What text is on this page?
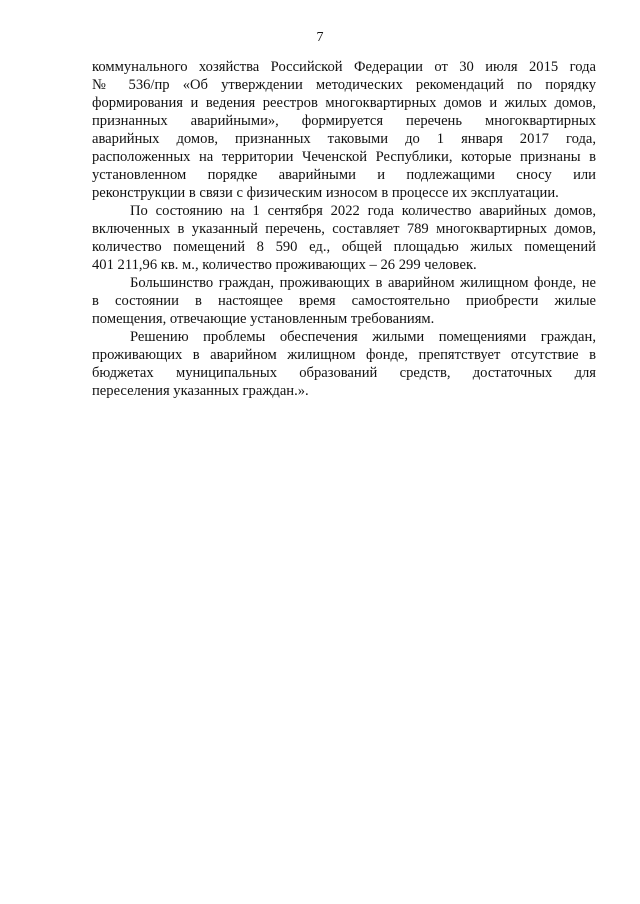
7
коммунального хозяйства Российской Федерации от 30 июля 2015 года
№ 536/пр «Об утверждении методических рекомендаций по порядку
формирования и ведения реестров многоквартирных домов и жилых домов,
признанных аварийными», формируется перечень многоквартирных
аварийных домов, признанных таковыми до 1 января 2017 года,
расположенных на территории Чеченской Республики, которые признаны в
установленном порядке аварийными и подлежащими сносу или
реконструкции в связи с физическим износом в процессе их эксплуатации.
По состоянию на 1 сентября 2022 года количество аварийных домов,
включенных в указанный перечень, составляет 789 многоквартирных домов,
количество помещений 8 590 ед., общей площадью жилых помещений
401 211,96 кв. м., количество проживающих – 26 299 человек.
Большинство граждан, проживающих в аварийном жилищном фонде, не
в состоянии в настоящее время самостоятельно приобрести жилые
помещения, отвечающие установленным требованиям.
Решению проблемы обеспечения жилыми помещениями граждан,
проживающих в аварийном жилищном фонде, препятствует отсутствие в
бюджетах муниципальных образований средств, достаточных для
переселения указанных граждан.».
